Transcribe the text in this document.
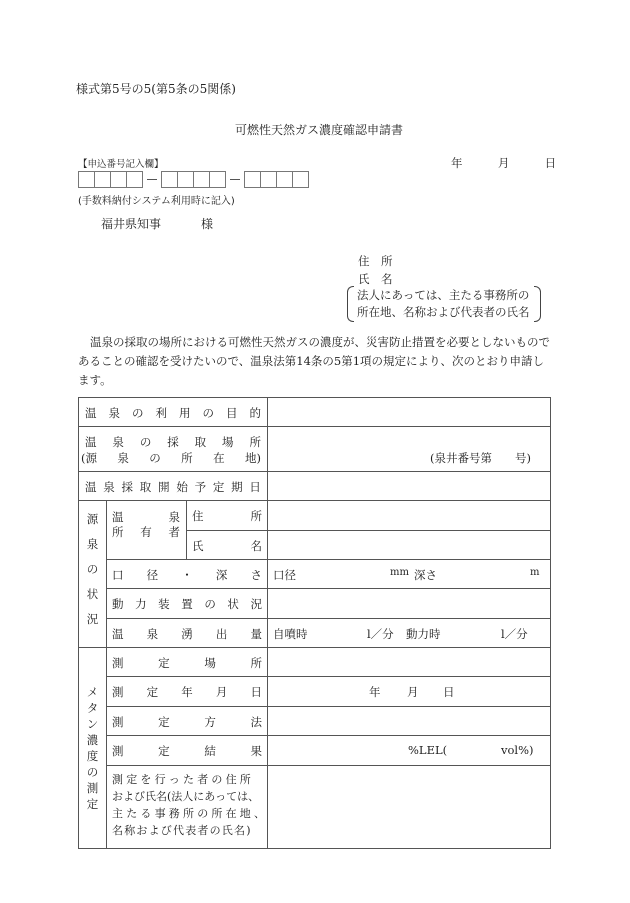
様式第5号の5(第5条の5関係)
可燃性天然ガス濃度確認申請書
【申込番号記入欄】
(手数料納付システム利用時に記入)
年	月	日
福井県知事	様
住　所
氏　名
法人にあっては、主たる事務所の
所在地、名称および代表者の氏名
温泉の採取の場所における可燃性天然ガスの濃度が、災害防止措置を必要としないものであることの確認を受けたいので、温泉法第14条の5第1項の規定により、次のとおり申請します。
温 泉 の 利 用 の 目 的
温 泉 の 採 取 場 所
(源 泉 の 所 在 地)	(泉井番号第　　号)
温 泉 採 取 開 始 予 定 期 日
源
泉
の
状
況
温	泉
所 有 者
住	所
氏	名
口 径 ・ 深 さ 口径	mm 深さ	m
動 力 装 置 の 状 況
温 泉 湧 出 量 自噴時	l／分 動力時	l／分
メ
タ
ン
濃
度
の
測
定
測	定	場	所
測 定 年 月 日	年 月 日
測	定	方	法
測	定	結	果	%LEL(	vol%)
測定を行った者の住所
および氏名(法人にあっては、
主たる事務所の所在地、
名称および代表者の氏名)
